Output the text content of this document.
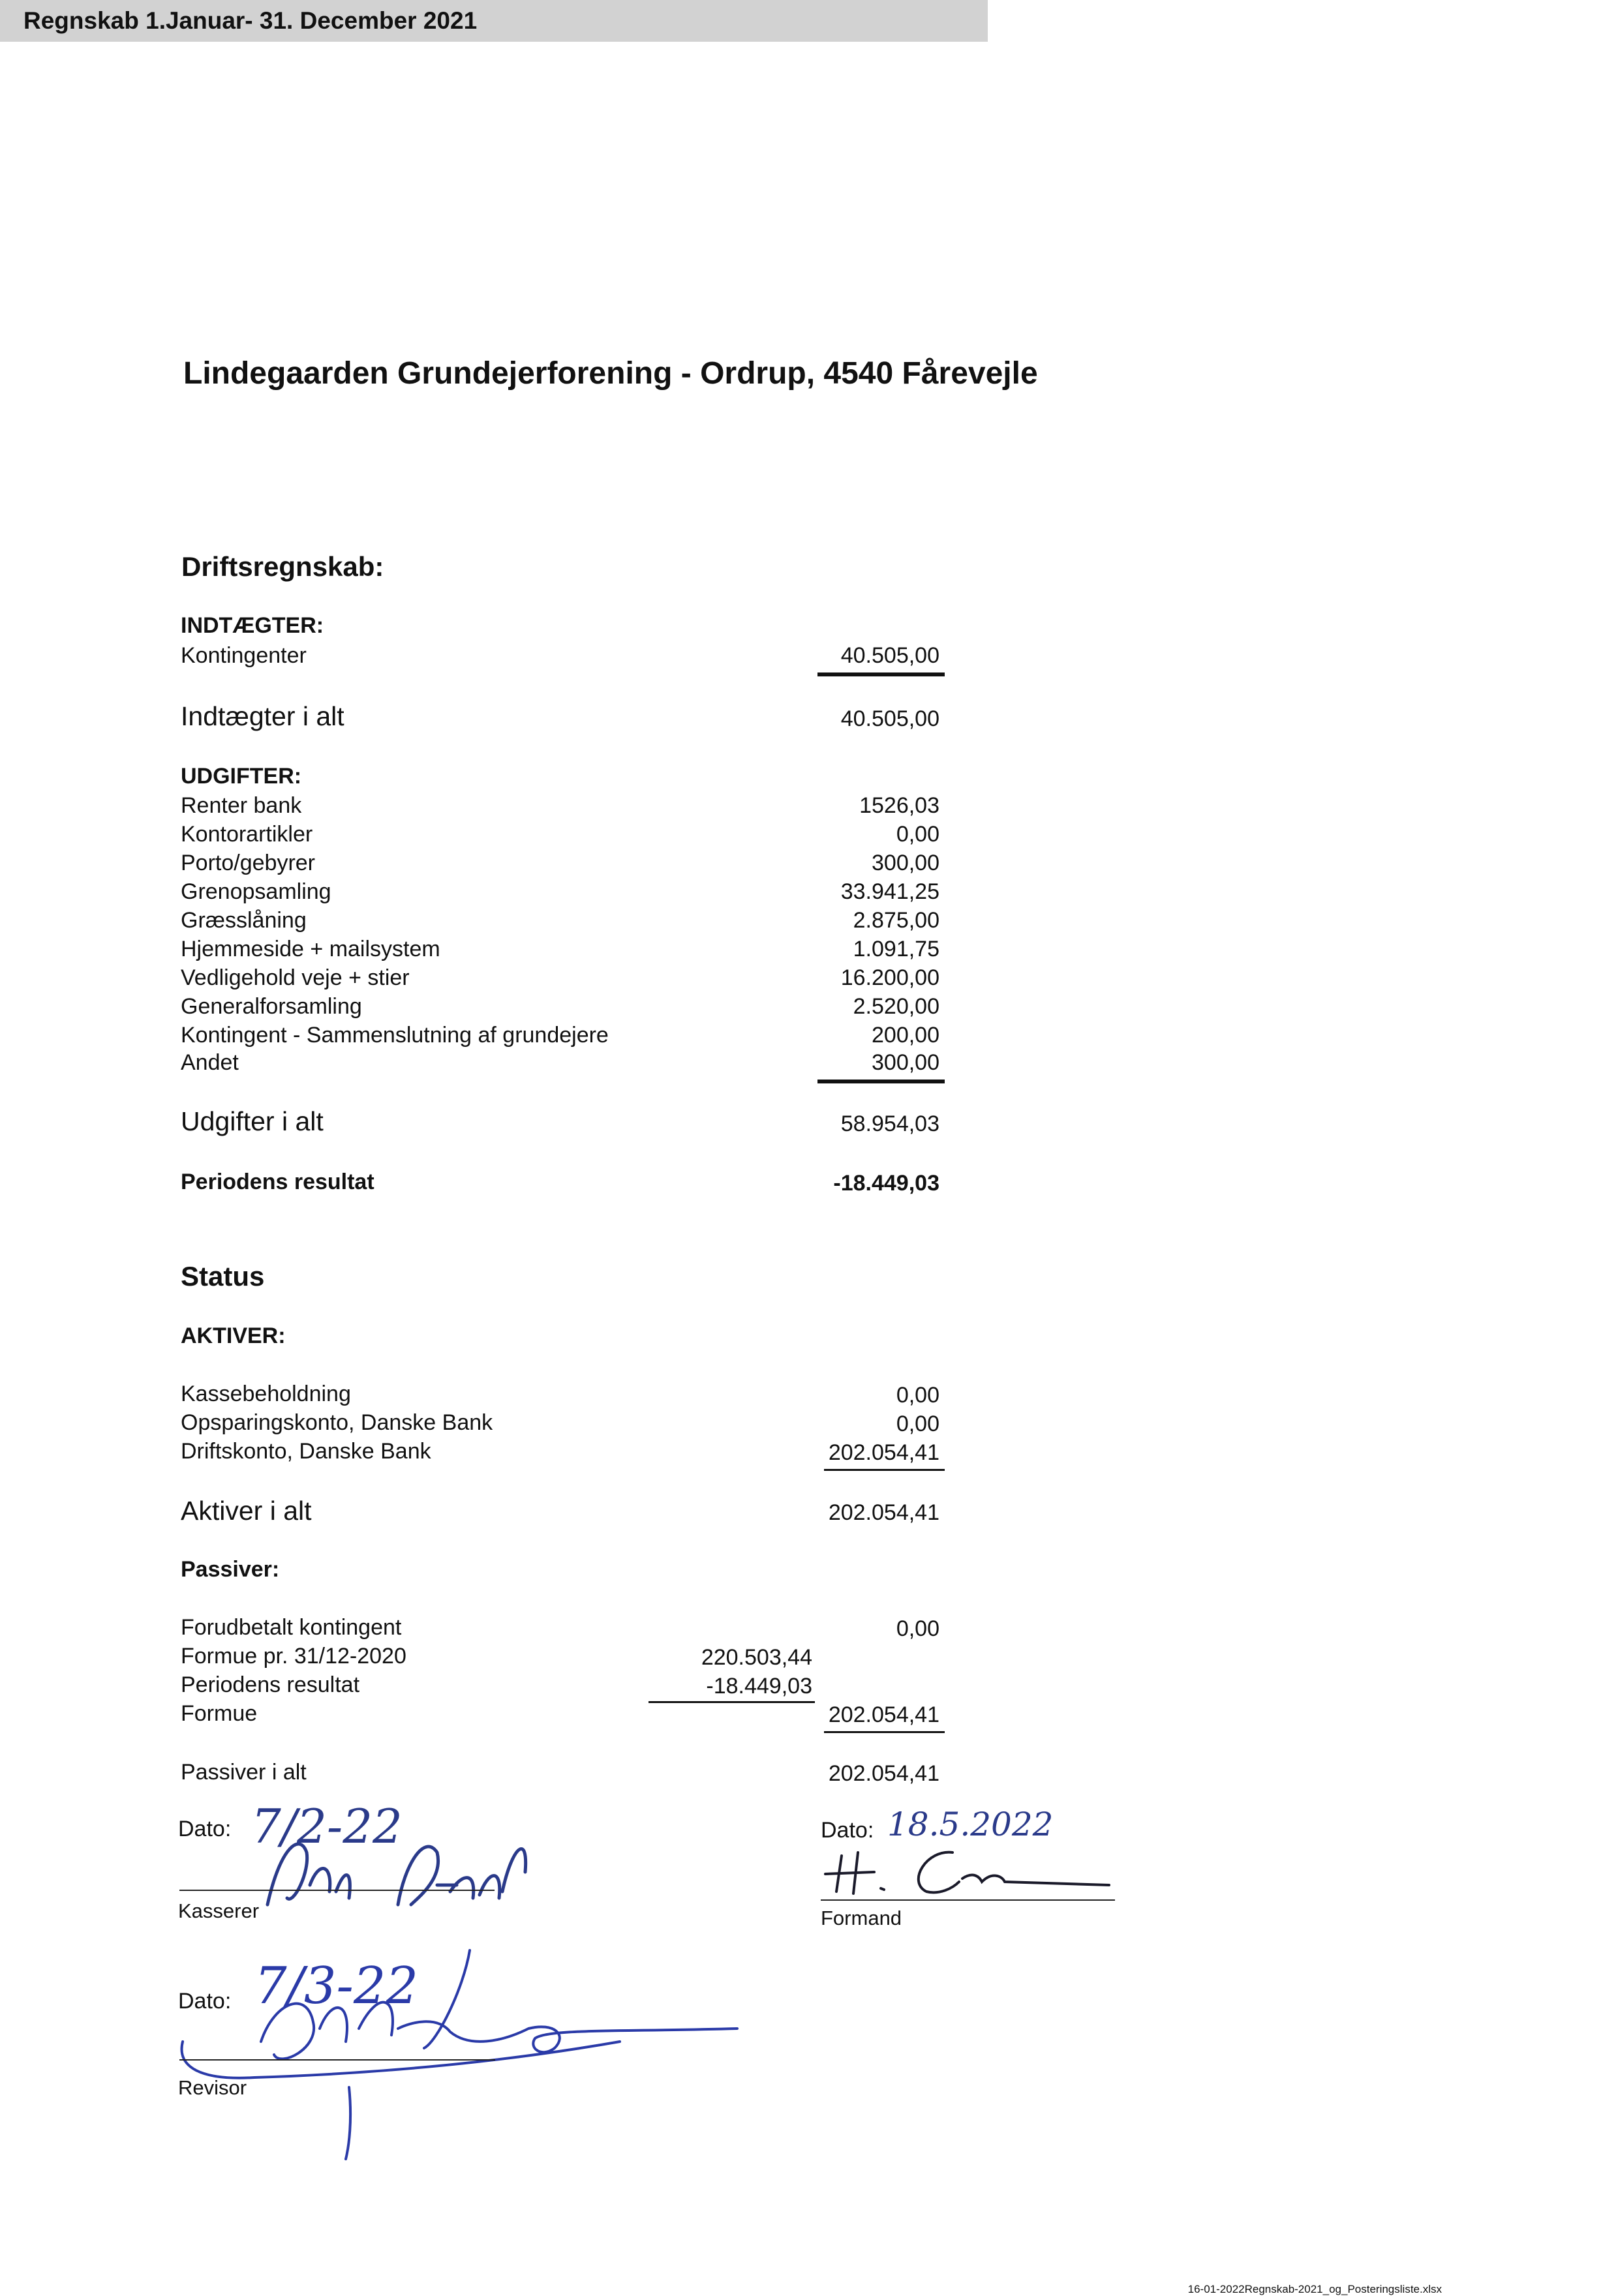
Lindegaarden Grundejerforening - Ordrup, 4540 Fårevejle
Regnskab 1.Januar- 31. December 2021
Driftsregnskab:
INDTÆGTER:
Kontingenter	40.505,00
Indtægter i alt	40.505,00
UDGIFTER:
Renter bank	1526,03
Kontorartikler	0,00
Porto/gebyrer	300,00
Grenopsamling	33.941,25
Græsslåning	2.875,00
Hjemmeside + mailsystem	1.091,75
Vedligehold veje + stier	16.200,00
Generalforsamling	2.520,00
Kontingent - Sammenslutning af grundejere	200,00
Andet	300,00
Udgifter i alt	58.954,03
Periodens resultat	-18.449,03
Status
AKTIVER:
Kassebeholdning	0,00
Opsparingskonto, Danske Bank	0,00
Driftskonto, Danske Bank	202.054,41
Aktiver i alt	202.054,41
Passiver:
Forudbetalt kontingent	0,00
Formue pr. 31/12-2020	220.503,44
Periodens resultat	-18.449,03
Formue	202.054,41
Passiver i alt	202.054,41
Dato: 7/2-22
Kasserer
Dato: 18.5.2022
Formand
Dato: 7/3-22
Revisor
16-01-2022Regnskab-2021_og_Posteringsliste.xlsx
